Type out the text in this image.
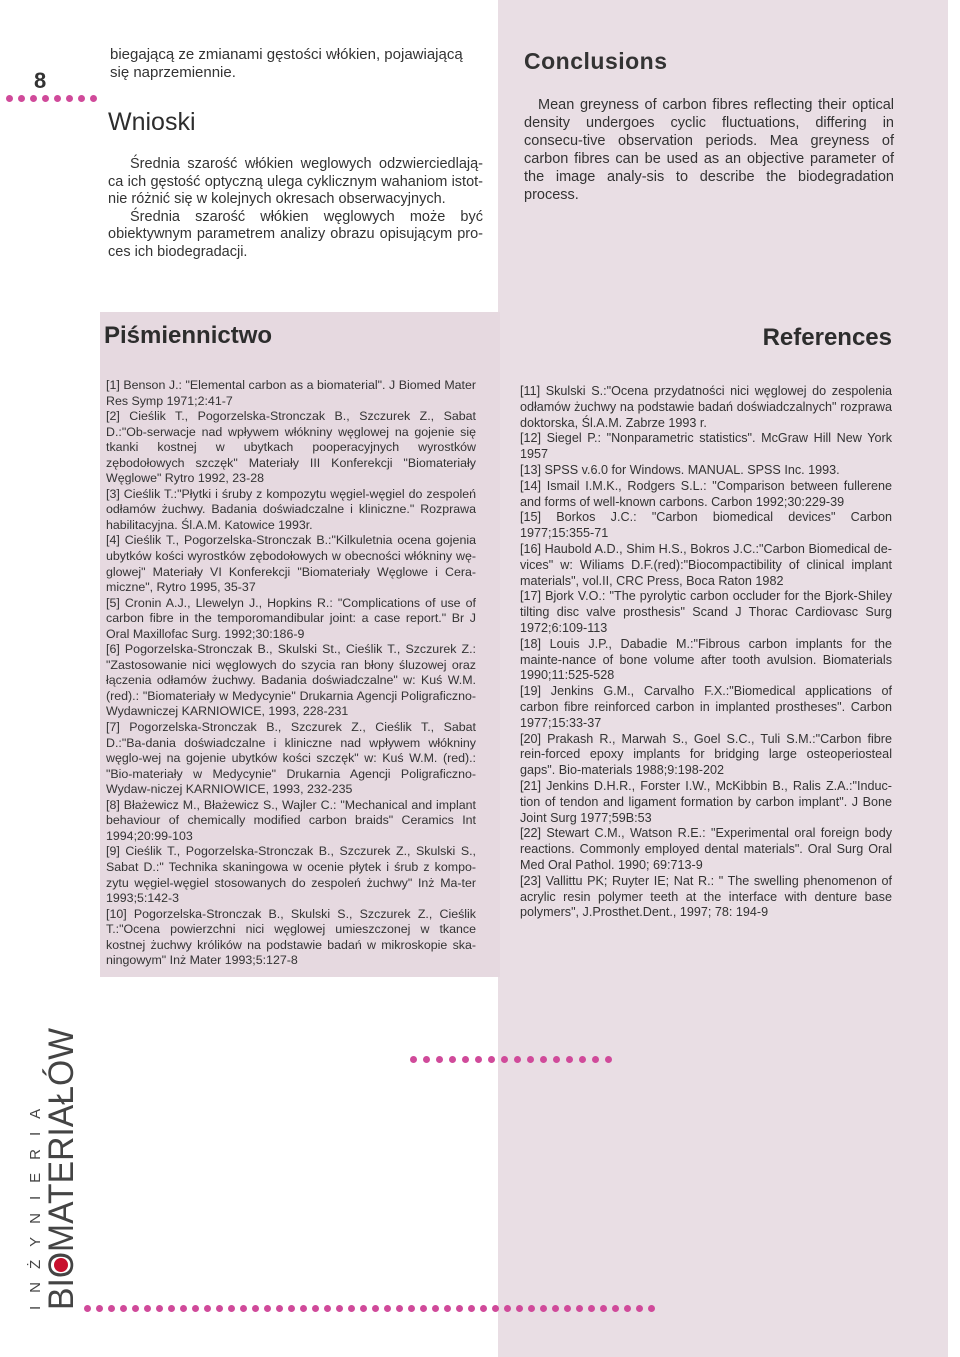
8
biegającą ze zmianami gęstości włókien, pojawiającą się naprzemiennie.
Wnioski

Średnia szarość włókien weglowych odzwierciedlają-ca ich gęstość optyczną ulega cyklicznym wahaniom istot-nie różnić się w kolejnych okresach obserwacyjnych.

Średnia szarość włókien węglowych może być obiektywnym parametrem analizy obrazu opisującym pro-ces ich biodegradacji.

Conclusions
Mean greyness of carbon fibres reflecting their optical density undergoes cyclic fluctuations, differing in consecu-tive observation periods. Mea greyness of carbon fibres can be used as an objective parameter of the image analy-sis to describe the biodegradation process.
Piśmiennictwo	References

[1] Benson J.: "Elemental carbon as a biomaterial". J Biomed Mater Res Symp 1971;2:41-7

[2] Cieślik T., Pogorzelska-Stronczak B., Szczurek Z., Sabat D.:"Ob-serwacje nad wpływem włókniny węglowej na gojenie się tkanki kostnej w ubytkach pooperacyjnych wyrostków zębodołowych szczęk" Materiały III Konferekcji "Biomateriały Węglowe" Rytro 1992, 23-28

[3] Cieślik T.:"Płytki i śruby z kompozytu węgiel-węgiel do zespoleń odłamów żuchwy. Badania doświadczalne i kliniczne." Rozprawa habilitacyjna. Śl.A.M. Katowice 1993r.

[4] Cieślik T., Pogorzelska-Stronczak B.:"Kilkuletnia ocena gojenia ubytków kości wyrostków zębodołowych w obecności włókniny wę-glowej" Materiały VI Konferekcji "Biomateriały Węglowe i Cera-miczne", Rytro 1995, 35-37

[5] Cronin A.J., Llewelyn J., Hopkins R.: "Complications of use of carbon fibre in the temporomandibular joint: a case report." Br J Oral Maxillofac Surg. 1992;30:186-9

[6] Pogorzelska-Stronczak B., Skulski St., Cieślik T., Szczurek Z.: "Zastosowanie nici węglowych do szycia ran błony śluzowej oraz łączenia odłamów żuchwy. Badania doświadczalne" w: Kuś W.M. (red).: "Biomateriały w Medycynie" Drukarnia Agencji Poligraficzno-Wydawniczej KARNIOWICE, 1993, 228-231

[7] Pogorzelska-Stronczak B., Szczurek Z., Cieślik T., Sabat D.:"Ba-dania doświadczalne i kliniczne nad wpływem włókniny węglo-wej na gojenie ubytków kości szczęk" w: Kuś W.M. (red).: "Bio-materiały w Medycynie" Drukarnia Agencji Poligraficzno-Wydaw-niczej KARNIOWICE, 1993, 232-235

[8] Błażewicz M., Błażewicz S., Wajler C.: "Mechanical and implant behaviour of chemically modified carbon braids" Ceramics Int 1994;20:99-103

[9] Cieślik T., Pogorzelska-Stronczak B., Szczurek Z., Skulski S., Sabat D.:" Technika skaningowa w ocenie płytek i śrub z kompo-zytu węgiel-węgiel stosowanych do zespoleń żuchwy" Inż Ma-ter 1993;5:142-3

[10] Pogorzelska-Stronczak B., Skulski S., Szczurek Z., Cieślik T.:"Ocena powierzchni nici węglowej umieszczonej w tkance kostnej żuchwy królików na podstawie badań w mikroskopie ska-ningowym" Inż Mater 1993;5:127-8

[11] Skulski S.:"Ocena przydatności nici węglowej do zespolenia odłamów żuchwy na podstawie badań doświadczalnych" rozprawa doktorska, Śl.A.M. Zabrze 1993 r.

[12] Siegel P.: "Nonparametric statistics". McGraw Hill New York 1957

[13] SPSS v.6.0 for Windows. MANUAL. SPSS Inc. 1993.

[14] Ismail I.M.K., Rodgers S.L.: "Comparison between fullerene and forms of well-known carbons. Carbon 1992;30:229-39

[15] Borkos J.C.: "Carbon biomedical devices" Carbon 1977;15:355-71

[16] Haubold A.D., Shim H.S., Bokros J.C.:"Carbon Biomedical de-vices" w: Wiliams D.F.(red):"Biocompactibility of clinical implant materials", vol.II, CRC Press, Boca Raton 1982

[17] Bjork V.O.: "The pyrolytic carbon occluder for the Bjork-Shiley tilting disc valve prosthesis" Scand J Thorac Cardiovasc Surg 1972;6:109-113

[18] Louis J.P., Dabadie M.:"Fibrous carbon implants for the mainte-nance of bone volume after tooth avulsion. Biomaterials 1990;11:525-528

[19] Jenkins G.M., Carvalho F.X.:"Biomedical applications of carbon fibre reinforced carbon in implanted prostheses". Carbon 1977;15:33-37

[20] Prakash R., Marwah S., Goel S.C., Tuli S.M.:"Carbon fibre rein-forced epoxy implants for bridging large osteoperiosteal gaps". Bio-materials 1988;9:198-202

[21] Jenkins D.H.R., Forster I.W., McKibbin B., Ralis Z.A.:"Induc-tion of tendon and ligament formation by carbon implant". J Bone Joint Surg 1977;59B:53

[22] Stewart C.M., Watson R.E.: "Experimental oral foreign body reactions. Commonly employed dental materials". Oral Surg Oral Med Oral Pathol. 1990; 69:713-9

[23] Vallittu PK; Ruyter IE; Nat R.: " The swelling phenomenon of acrylic resin polymer teeth at the interface with denture base polymers", J.Prosthet.Dent., 1997; 78: 194-9

INŻYNIERIA
BIOMATERIAŁÓW
